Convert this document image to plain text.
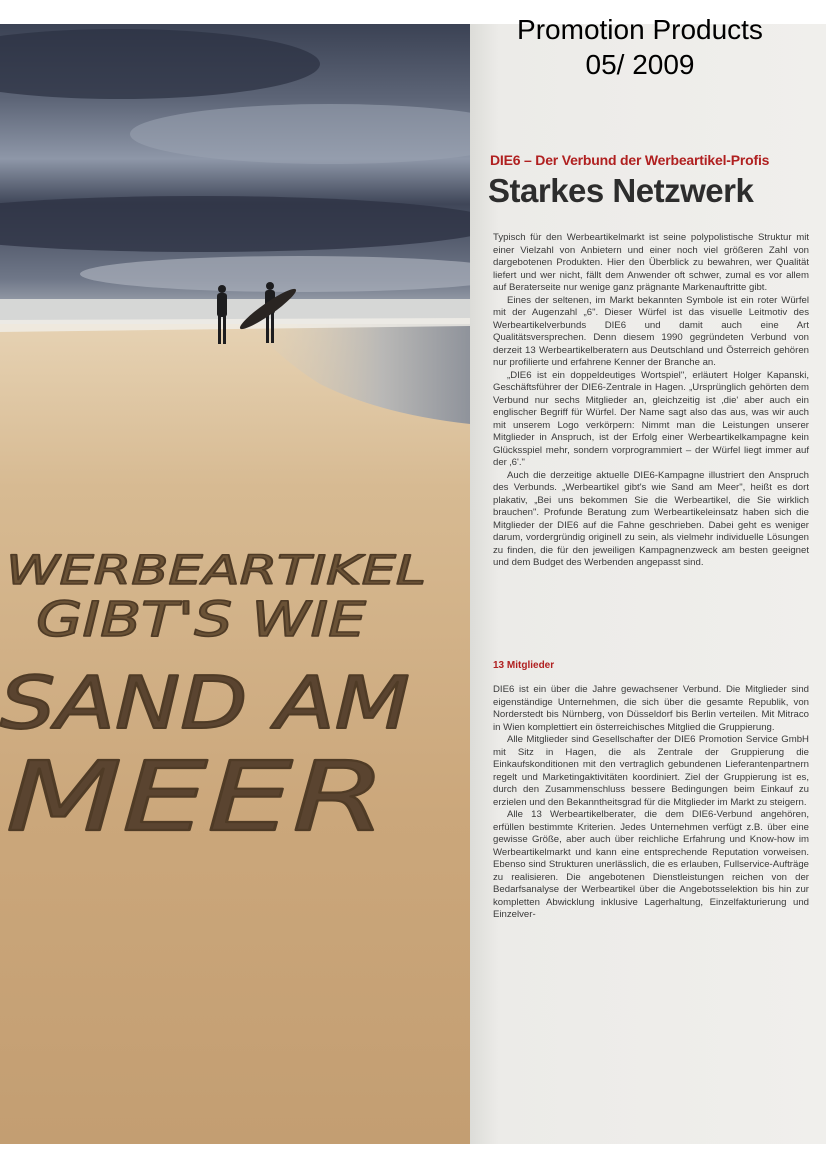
WERBEARTIKEL
GIBT'S WIE
SAND AM
MEER
Promotion Products
05/ 2009
DIE6 – Der Verbund der Werbeartikel-Profis
Starkes Netzwerk

Typisch für den Werbeartikelmarkt ist seine polypolistische Struktur mit einer Vielzahl von Anbietern und einer noch viel größeren Zahl von dargebotenen Produkten. Hier den Überblick zu bewahren, wer Qualität liefert und wer nicht, fällt dem Anwender oft schwer, zumal es vor allem auf Beraterseite nur wenige ganz prägnante Markenauftritte gibt.

Eines der seltenen, im Markt bekannten Symbole ist ein roter Würfel mit der Augenzahl „6". Dieser Würfel ist das visuelle Leitmotiv des Werbeartikelverbunds DIE6 und damit auch eine Art Qualitätsversprechen. Denn diesem 1990 gegründeten Verbund von derzeit 13 Werbeartikelberatern aus Deutschland und Österreich gehören nur profilierte und erfahrene Kenner der Branche an.

„DIE6 ist ein doppeldeutiges Wortspiel", erläutert Holger Kapanski, Geschäftsführer der DIE6-Zentrale in Hagen. „Ursprünglich gehörten dem Verbund nur sechs Mitglieder an, gleichzeitig ist ‚die' aber auch ein englischer Begriff für Würfel. Der Name sagt also das aus, was wir auch mit unserem Logo verkörpern: Nimmt man die Leistungen unserer Mitglieder in Anspruch, ist der Erfolg einer Werbeartikelkampagne kein Glücksspiel mehr, sondern vorprogrammiert – der Würfel liegt immer auf der ‚6'."

Auch die derzeitige aktuelle DIE6-Kampagne illustriert den Anspruch des Verbunds. „Werbeartikel gibt's wie Sand am Meer", heißt es dort plakativ, „Bei uns bekommen Sie die Werbeartikel, die Sie wirklich brauchen". Profunde Beratung zum Werbeartikeleinsatz haben sich die Mitglieder der DIE6 auf die Fahne geschrieben. Dabei geht es weniger darum, vordergründig originell zu sein, als vielmehr individuelle Lösungen zu finden, die für den jeweiligen Kampagnenzweck am besten geeignet und dem Budget des Werbenden angepasst sind.

13 Mitglieder

DIE6 ist ein über die Jahre gewachsener Verbund. Die Mitglieder sind eigenständige Unternehmen, die sich über die gesamte Republik, von Norderstedt bis Nürnberg, von Düsseldorf bis Berlin verteilen. Mit Mitraco in Wien komplettiert ein österreichisches Mitglied die Gruppierung.

Alle Mitglieder sind Gesellschafter der DIE6 Promotion Service GmbH mit Sitz in Hagen, die als Zentrale der Gruppierung die Einkaufskonditionen mit den vertraglich gebundenen Lieferantenpartnern regelt und Marketingaktivitäten koordiniert. Ziel der Gruppierung ist es, durch den Zusammenschluss bessere Bedingungen beim Einkauf zu erzielen und den Bekanntheitsgrad für die Mitglieder im Markt zu steigern.

Alle 13 Werbeartikelberater, die dem DIE6-Verbund angehören, erfüllen bestimmte Kriterien. Jedes Unternehmen verfügt z.B. über eine gewisse Größe, aber auch über reichliche Erfahrung und Know-how im Werbeartikelmarkt und kann eine entsprechende Reputation vorweisen. Ebenso sind Strukturen unerlässlich, die es erlauben, Fullservice-Aufträge zu realisieren. Die angebotenen Dienstleistungen reichen von der Bedarfsanalyse der Werbeartikel über die Angebotsselektion bis hin zur kompletten Abwicklung inklusive Lagerhaltung, Einzelfakturierung und Einzelver-
